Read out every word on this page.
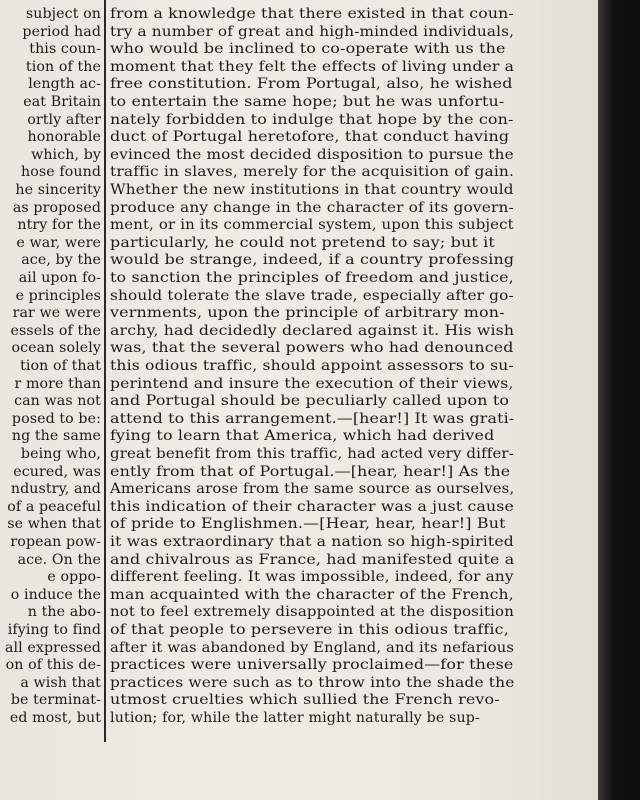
subject on
period had
this coun-
tion of the
length ac-
eat Britain
ortly after
honorable
which, by
hose found
he sincerity
as proposed
ntry for the
e war, were
ace, by the
ail upon fo-
e principles
rar we were
essels of the
ocean solely
tion of that
r more than
can was not
posed to be:
ng the same
being who,
ecured, was
ndustry, and
of a peaceful
se when that
ropean pow-
ace. On the
e oppo-
o induce the
n the abo-
ifying to find
all expressed
on of this de-
a wish that
be terminat-
ed most, but
from a knowledge that there existed in that coun-
try a number of great and high-minded individuals,
who would be inclined to co-operate with us the
moment that they felt the effects of living under a
free constitution. From Portugal, also, he wished
to entertain the same hope; but he was unfortu-
nately forbidden to indulge that hope by the con-
duct of Portugal heretofore, that conduct having
evinced the most decided disposition to pursue the
traffic in slaves, merely for the acquisition of gain.
Whether the new institutions in that country would
produce any change in the character of its govern-
ment, or in its commercial system, upon this subject
particularly, he could not pretend to say; but it
would be strange, indeed, if a country professing
to sanction the principles of freedom and justice,
should tolerate the slave trade, especially after go-
vernments, upon the principle of arbitrary mon-
archy, had decidedly declared against it. His wish
was, that the several powers who had denounced
this odious traffic, should appoint assessors to su-
perintend and insure the execution of their views,
and Portugal should be peculiarly called upon to
attend to this arrangement.—[hear!] It was grati-
fying to learn that America, which had derived
great benefit from this traffic, had acted very differ-
ently from that of Portugal.—[hear, hear!] As the
Americans arose from the same source as ourselves,
this indication of their character was a just cause
of pride to Englishmen.—[Hear, hear, hear!] But
it was extraordinary that a nation so high-spirited
and chivalrous as France, had manifested quite a
different feeling. It was impossible, indeed, for any
man acquainted with the character of the French,
not to feel extremely disappointed at the disposition
of that people to persevere in this odious traffic,
after it was abandoned by England, and its nefarious
practices were universally proclaimed—for these
practices were such as to throw into the shade the
utmost cruelties which sullied the French revo-
lution; for, while the latter might naturally be sup-
